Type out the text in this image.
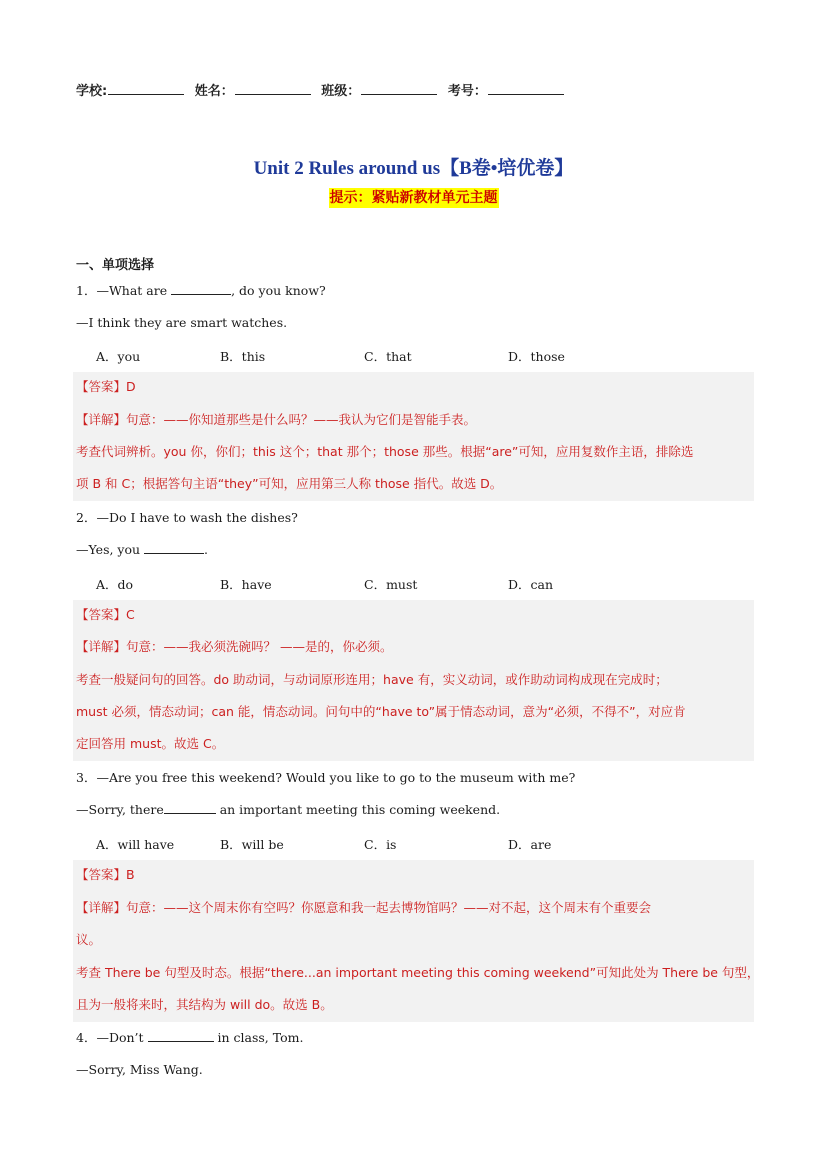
学校:	姓名：	班级：	考号：
Unit 2 Rules around us【B卷•培优卷】
提示：紧贴新教材单元主题
一、单项选择
1．—What are	, do you know?
—I think they are smart watches.
A．you	B．this	C．that	D．those
【答案】D
【详解】句意：——你知道那些是什么吗？——我认为它们是智能手表。
考查代词辨析。you 你，你们；this 这个；that 那个；those 那些。根据“are”可知，应用复数作主语，排除选
项 B 和 C；根据答句主语“they”可知，应用第三人称 those 指代。故选 D。
2．—Do I have to wash the dishes?
—Yes, you	.
A．do	B．have	C．must	D．can
【答案】C
【详解】句意：——我必须洗碗吗？ ——是的，你必须。
考查一般疑问句的回答。do 助动词，与动词原形连用；have 有，实义动词，或作助动词构成现在完成时；
must 必须，情态动词；can 能，情态动词。问句中的“have to”属于情态动词，意为“必须，不得不”，对应肯
定回答用 must。故选 C。
3．—Are you free this weekend? Would you like to go to the museum with me?
—Sorry, there	an important meeting this coming weekend.
A．will have	B．will be	C．is	D．are
【答案】B
【详解】句意：——这个周末你有空吗？你愿意和我一起去博物馆吗？——对不起，这个周末有个重要会
议。
考查 There be 句型及时态。根据“there...an important meeting this coming weekend”可知此处为 There be 句型，
且为一般将来时，其结构为 will do。故选 B。
4．—Don’t	in class, Tom.
—Sorry, Miss Wang.
